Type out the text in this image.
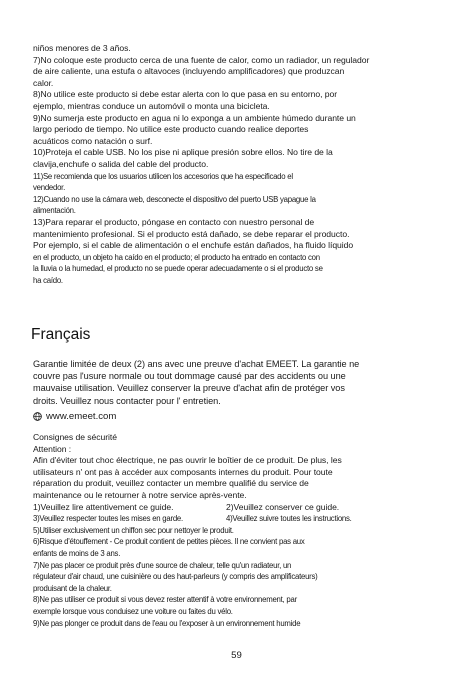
niños menores de 3 años.

7)No coloque este producto cerca de una fuente de calor, como un radiador, un regulador

de aire caliente, una estufa o altavoces (incluyendo amplificadores) que produzcan

calor.

8)No utilice este producto si debe estar alerta con lo que pasa en su entorno, por

ejemplo, mientras conduce un automóvil o monta una bicicleta.

9)No sumerja este producto en agua ni lo exponga a un ambiente húmedo durante un

largo periodo de tiempo. No utilice este producto cuando realice deportes

acuáticos como natación o surf.

10)Proteja el cable USB. No los pise ni aplique presión sobre ellos. No tire de la

clavija,enchufe o salida del cable del producto.

11)Se recomienda que los usuarios utilicen los accesorios que ha especificado el

vendedor.

12)Cuando no use la cámara web, desconecte el dispositivo del puerto USB yapague la

alimentación.

13)Para reparar el producto, póngase en contacto con nuestro personal de

mantenimiento profesional. Si el producto está dañado, se debe reparar el producto.

Por ejemplo, si el cable de alimentación o el enchufe están dañados, ha fluido líquido

en el producto, un objeto ha caído en el producto; el producto ha entrado en contacto con

la lluvia o la humedad, el producto no se puede operar adecuadamente o si el producto se

ha caído.

Français

Garantie limitée de deux (2) ans avec une preuve d'achat EMEET. La garantie ne

couvre pas l'usure normale ou tout dommage causé par des accidents ou une

mauvaise utilisation. Veuillez conserver la preuve d'achat afin de protéger vos

droits. Veuillez nous contacter pour l' entretien.

www.emeet.com

Consignes de sécurité

Attention :

Afin d'éviter tout choc électrique, ne pas ouvrir le boîtier de ce produit. De plus, les

utilisateurs n' ont pas à accéder aux composants internes du produit. Pour toute

réparation du produit, veuillez contacter un membre qualifié du service de

maintenance ou le retourner à notre service après-vente.

1)Veuillez lire attentivement ce guide.	2)Veuillez conserver ce guide.

3)Veuillez respecter toutes les mises en garde.	4)Veuillez suivre toutes les instructions.

5)Utiliser exclusivement un chiffon sec pour nettoyer le produit.

6)Risque d'étouffement - Ce produit contient de petites pièces. Il ne convient pas aux

enfants de moins de 3 ans.

7)Ne pas placer ce produit près d'une source de chaleur, telle qu'un radiateur, un

régulateur d'air chaud, une cuisinière ou des haut-parleurs (y compris des amplificateurs)

produisant de la chaleur.

8)Ne pas utiliser ce produit si vous devez rester attentif à votre environnement, par

exemple lorsque vous conduisez une voiture ou faites du vélo.

9)Ne pas plonger ce produit dans de l'eau ou l'exposer à un environnement humide

59
